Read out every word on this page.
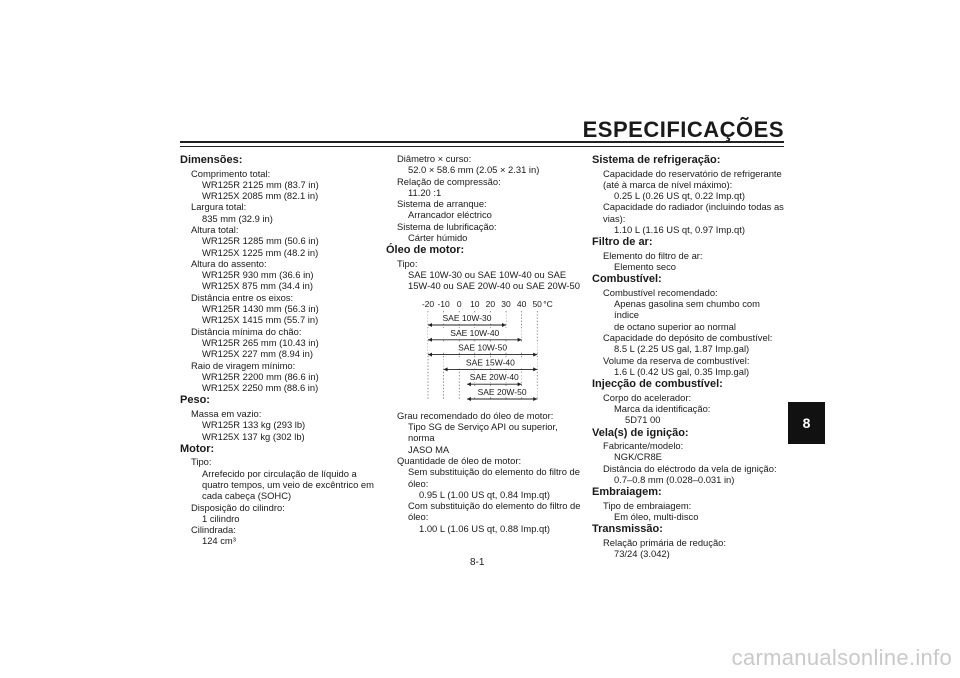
ESPECIFICAÇÕES
8
Dimensões:
Comprimento total:
WR125R 2125 mm (83.7 in)
WR125X 2085 mm (82.1 in)
Largura total:
835 mm (32.9 in)
Altura total:
WR125R 1285 mm (50.6 in)
WR125X 1225 mm (48.2 in)
Altura do assento:
WR125R 930 mm (36.6 in)
WR125X 875 mm (34.4 in)
Distância entre os eixos:
WR125R 1430 mm (56.3 in)
WR125X 1415 mm (55.7 in)
Distância mínima do chão:
WR125R 265 mm (10.43 in)
WR125X 227 mm (8.94 in)
Raio de viragem mínimo:
WR125R 2200 mm (86.6 in)
WR125X 2250 mm (88.6 in)
Peso:
Massa em vazio:
WR125R 133 kg (293 lb)
WR125X 137 kg (302 lb)
Motor:
Tipo:
Arrefecido por circulação de líquido a
quatro tempos, um veio de excêntrico em
cada cabeça (SOHC)
Disposição do cilindro:
1 cilindro
Cilindrada:
124 cm³
Diâmetro × curso:
52.0 × 58.6 mm (2.05 × 2.31 in)
Relação de compressão:
11.20 :1
Sistema de arranque:
Arrancador eléctrico
Sistema de lubrificação:
Cárter húmido
Óleo de motor:
Tipo:
SAE 10W-30 ou SAE 10W-40 ou SAE
15W-40 ou SAE 20W-40 ou SAE 20W-50
-20 -10 0 10 20 30 40 50 °C
SAE 10W-30
SAE 10W-40
SAE 10W-50
SAE 15W-40
SAE 20W-40
SAE 20W-50
Grau recomendado do óleo de motor:
Tipo SG de Serviço API ou superior, norma
JASO MA
Quantidade de óleo de motor:
Sem substituição do elemento do filtro de
óleo:
0.95 L (1.00 US qt, 0.84 Imp.qt)
Com substituição do elemento do filtro de
óleo:
1.00 L (1.06 US qt, 0.88 Imp.qt)
Sistema de refrigeração:
Capacidade do reservatório de refrigerante
(até à marca de nível máximo):
0.25 L (0.26 US qt, 0.22 Imp.qt)
Capacidade do radiador (incluindo todas as
vias):
1.10 L (1.16 US qt, 0.97 Imp.qt)
Filtro de ar:
Elemento do filtro de ar:
Elemento seco
Combustível:
Combustível recomendado:
Apenas gasolina sem chumbo com índice
de octano superior ao normal
Capacidade do depósito de combustível:
8.5 L (2.25 US gal, 1.87 Imp.gal)
Volume da reserva de combustível:
1.6 L (0.42 US gal, 0.35 Imp.gal)
Injecção de combustível:
Corpo do acelerador:
Marca da identificação:
5D71 00
Vela(s) de ignição:
Fabricante/modelo:
NGK/CR8E
Distância do eléctrodo da vela de ignição:
0.7–0.8 mm (0.028–0.031 in)
Embraiagem:
Tipo de embraiagem:
Em óleo, multi-disco
Transmissão:
Relação primária de redução:
73/24 (3.042)
8-1
carmanualsonline.info
